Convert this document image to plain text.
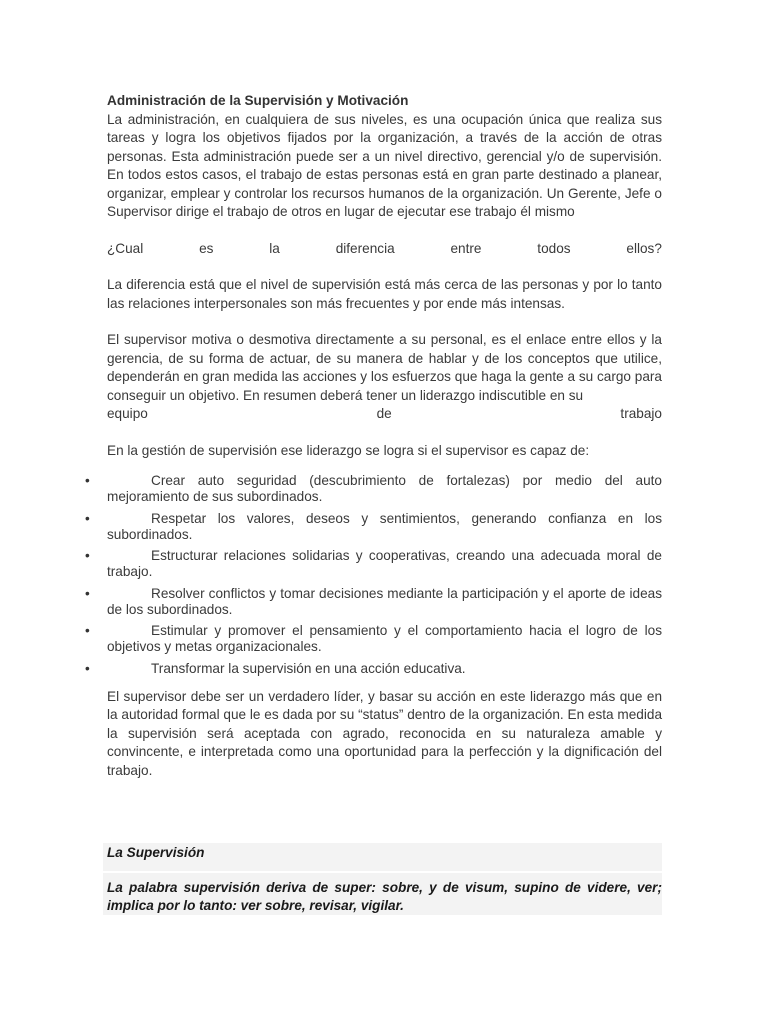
Administración de la Supervisión y Motivación

La administración, en cualquiera de sus niveles, es una ocupación única que realiza sus tareas y logra los objetivos fijados por la organización, a través de la acción de otras personas. Esta administración puede ser a un nivel directivo, gerencial y/o de supervisión. En todos estos casos, el trabajo de estas personas está en gran parte destinado a planear, organizar, emplear y controlar los recursos humanos de la organización. Un Gerente, Jefe o Supervisor dirige el trabajo de otros en lugar de ejecutar ese trabajo él mismo

¿Cual	es	la	diferencia	entre	todos	ellos?

La diferencia está que el nivel de supervisión está más cerca de las personas y por lo tanto las relaciones interpersonales son más frecuentes y por ende más intensas.

El supervisor motiva o desmotiva directamente a su personal, es el enlace entre ellos y la gerencia, de su forma de actuar, de su manera de hablar y de los conceptos que utilice, dependerán en gran medida las acciones y los esfuerzos que haga la gente a su cargo para conseguir un objetivo. En resumen deberá tener un liderazgo indiscutible en su

equipo	de	trabajo

En la gestión de supervisión ese liderazgo se logra si el supervisor es capaz de:

•	Crear auto seguridad (descubrimiento de fortalezas) por medio del auto mejoramiento de sus subordinados.
•	Respetar los valores, deseos y sentimientos, generando confianza en los subordinados.
•	Estructurar relaciones solidarias y cooperativas, creando una adecuada moral de trabajo.
•	Resolver conflictos y tomar decisiones mediante la participación y el aporte de ideas de los subordinados.
•	Estimular y promover el pensamiento y el comportamiento hacia el logro de los objetivos y metas organizacionales.
•	Transformar la supervisión en una acción educativa.

El supervisor debe ser un verdadero líder, y basar su acción en este liderazgo más que en la autoridad formal que le es dada por su “status” dentro de la organización. En esta medida la supervisión será aceptada con agrado, reconocida en su naturaleza amable y convincente, e interpretada como una oportunidad para la perfección y la dignificación del trabajo.

La Supervisión
La palabra supervisión deriva de super: sobre, y de visum, supino de videre, ver; implica por lo tanto: ver sobre, revisar, vigilar.
